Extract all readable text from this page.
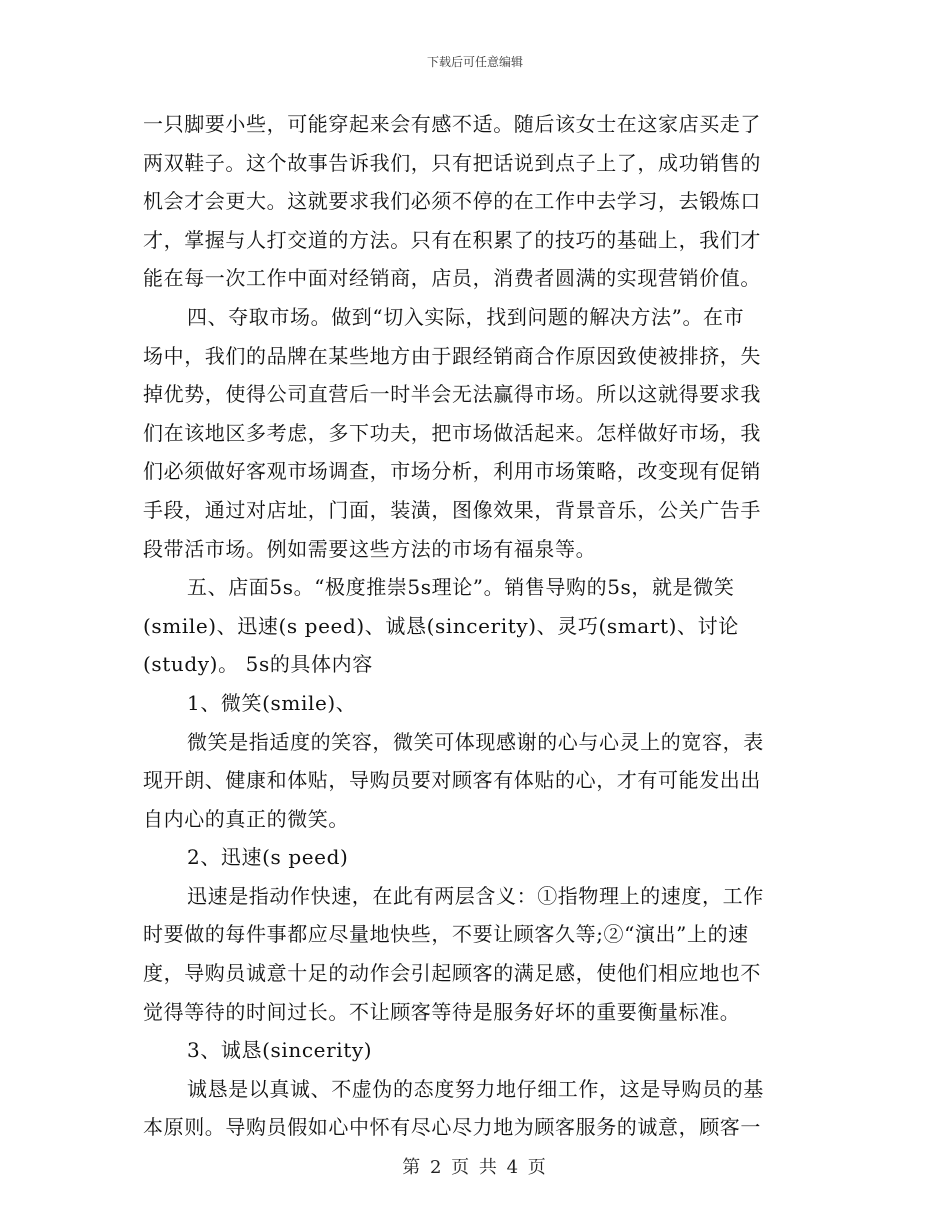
下载后可任意编辑
一只脚要小些，可能穿起来会有感不适。随后该女士在这家店买走了
两双鞋子。这个故事告诉我们，只有把话说到点子上了，成功销售的
机会才会更大。这就要求我们必须不停的在工作中去学习，去锻炼口
才，掌握与人打交道的方法。只有在积累了的技巧的基础上，我们才
能在每一次工作中面对经销商，店员，消费者圆满的实现营销价值。
四、夺取市场。做到“切入实际，找到问题的解决方法”。在市
场中，我们的品牌在某些地方由于跟经销商合作原因致使被排挤，失
掉优势，使得公司直营后一时半会无法赢得市场。所以这就得要求我
们在该地区多考虑，多下功夫，把市场做活起来。怎样做好市场，我
们必须做好客观市场调查，市场分析，利用市场策略，改变现有促销
手段，通过对店址，门面，装潢，图像效果，背景音乐，公关广告手
段带活市场。例如需要这些方法的市场有福泉等。
五、店面5s。“极度推崇5s理论”。销售导购的5s，就是微笑
(smile)、迅速(s peed)、诚恳(sincerity)、灵巧(smart)、讨论
(study)。 5s的具体内容
1、微笑(smile)、
微笑是指适度的笑容，微笑可体现感谢的心与心灵上的宽容，表
现开朗、健康和体贴，导购员要对顾客有体贴的心，才有可能发出出
自内心的真正的微笑。
2、迅速(s peed)
迅速是指动作快速，在此有两层含义：①指物理上的速度，工作
时要做的每件事都应尽量地快些，不要让顾客久等;②“演出”上的速
度，导购员诚意十足的动作会引起顾客的满足感，使他们相应地也不
觉得等待的时间过长。不让顾客等待是服务好坏的重要衡量标准。
3、诚恳(sincerity)
诚恳是以真诚、不虚伪的态度努力地仔细工作，这是导购员的基
本原则。导购员假如心中怀有尽心尽力地为顾客服务的诚意，顾客一
第 2 页 共 4 页
